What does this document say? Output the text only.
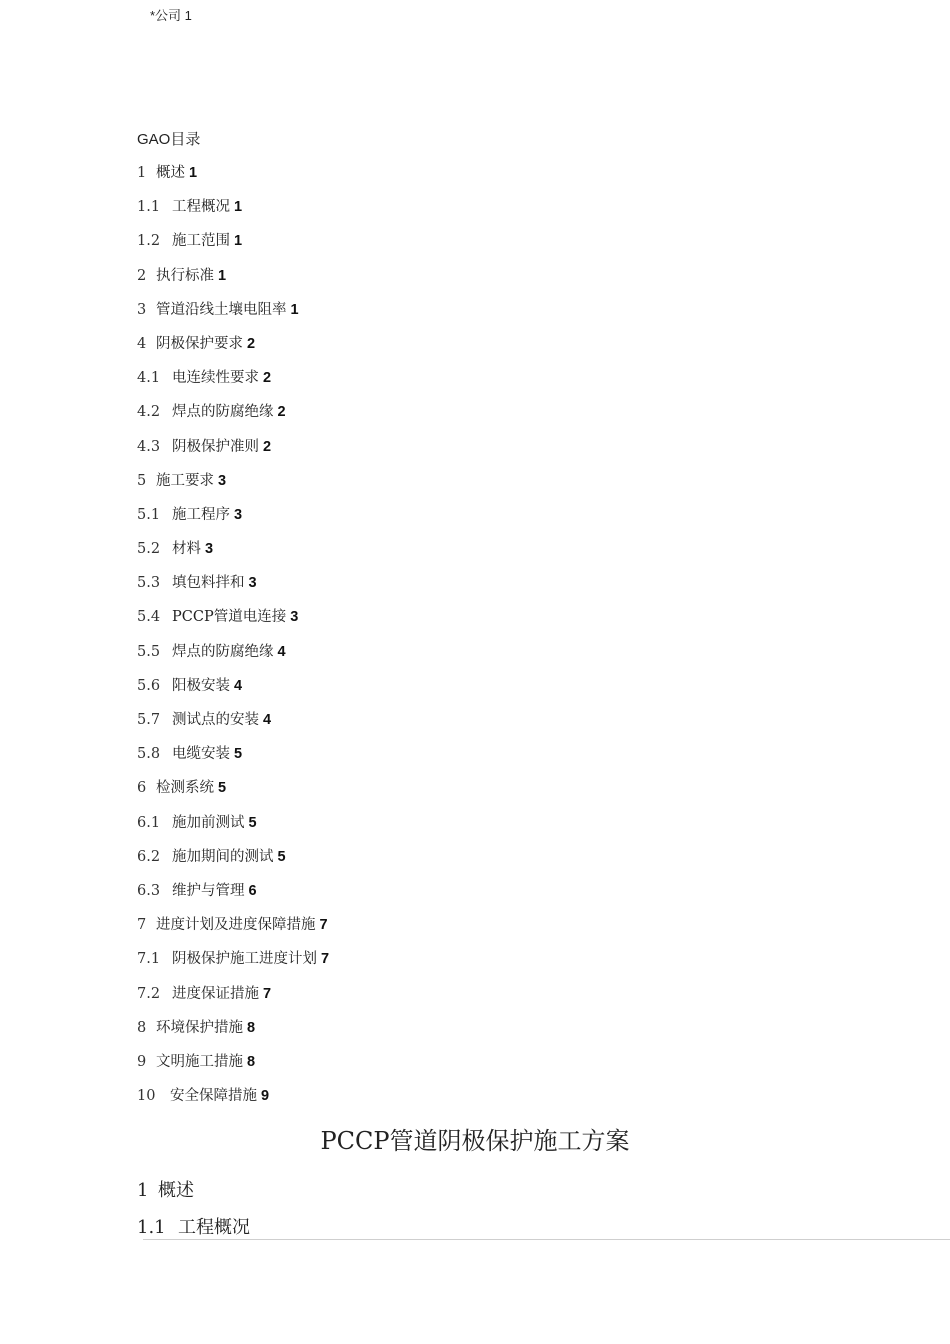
*公司 1
GAO目录
1 概述 1
1.1 工程概况 1
1.2 施工范围 1
2 执行标准 1
3 管道沿线土壤电阻率 1
4 阴极保护要求 2
4.1 电连续性要求 2
4.2 焊点的防腐绝缘 2
4.3 阴极保护准则 2
5 施工要求 3
5.1 施工程序 3
5.2 材料 3
5.3 填包料拌和 3
5.4 PCCP管道电连接 3
5.5 焊点的防腐绝缘 4
5.6 阳极安装 4
5.7 测试点的安装 4
5.8 电缆安装 5
6 检测系统 5
6.1 施加前测试 5
6.2 施加期间的测试 5
6.3 维护与管理 6
7 进度计划及进度保障措施 7
7.1 阴极保护施工进度计划 7
7.2 进度保证措施 7
8 环境保护措施 8
9 文明施工措施 8
10 安全保障措施 9
PCCP管道阴极保护施工方案
1 概述
1.1 工程概况
